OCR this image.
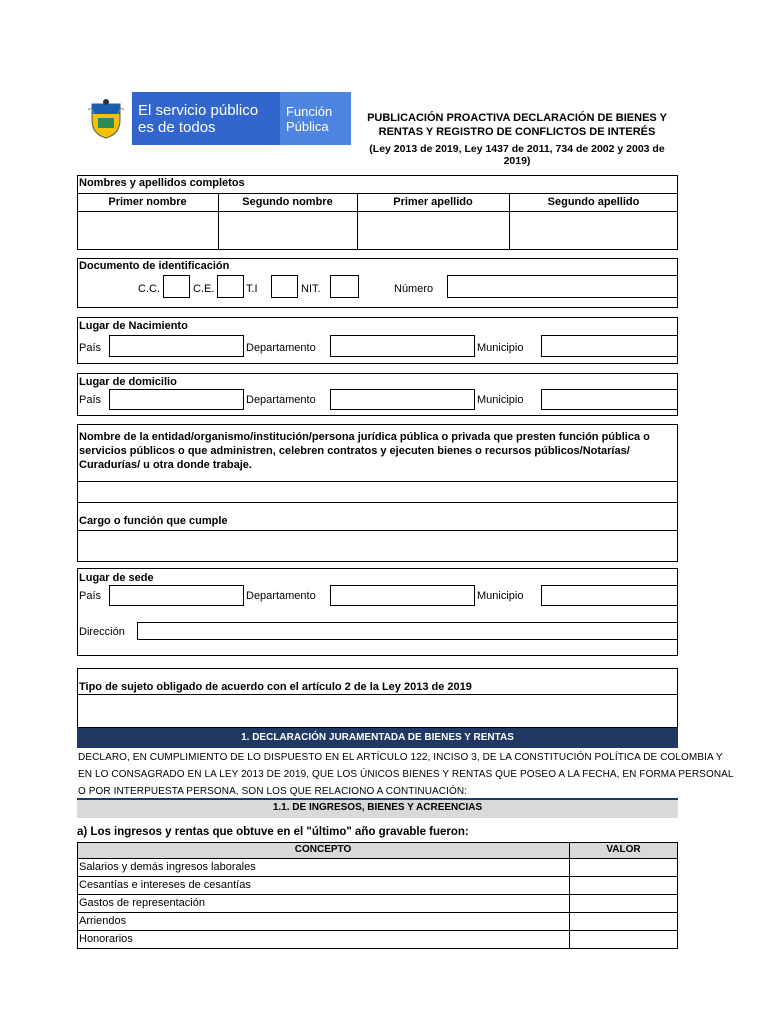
El servicio público
es de todos
Función
Pública
PUBLICACIÓN PROACTIVA DECLARACIÓN DE BIENES Y RENTAS Y REGISTRO DE CONFLICTOS DE INTERÉS
(Ley 2013 de 2019, Ley 1437 de 2011, 734 de 2002 y 2003 de 2019)
Nombres y apellidos completos
Primer nombre	Segundo nombre	Primer apellido	Segundo apellido
Documento de identificación
C.C.	C.E.	T.I	NIT.	Número
Lugar de Nacimiento
País	Departamento	Municipio
Lugar de domicilio
País	Departamento	Municipio
Nombre de la entidad/organismo/institución/persona jurídica pública o privada que presten función pública o
servicios públicos o que administren, celebren contratos y ejecuten bienes o recursos públicos/Notarías/
Curadurías/ u otra donde trabaje.
Cargo o función que cumple
Lugar de sede
País	Departamento	Municipio
Dirección
Tipo de sujeto obligado de acuerdo con el artículo 2 de la Ley 2013 de 2019
1. DECLARACIÓN JURAMENTADA DE BIENES Y RENTAS
DECLARO, EN CUMPLIMIENTO DE LO DISPUESTO EN EL ARTÍCULO 122, INCISO 3, DE LA CONSTITUCIÓN POLÍTICA DE COLOMBIA Y
EN LO CONSAGRADO EN LA LEY 2013 DE 2019, QUE LOS ÚNICOS BIENES Y RENTAS QUE POSEO A LA FECHA, EN FORMA PERSONAL
O POR INTERPUESTA PERSONA, SON LOS QUE RELACIONO A CONTINUACIÓN:
1.1. DE INGRESOS, BIENES Y ACREENCIAS
a) Los ingresos y rentas que obtuve en el "último" año gravable fueron:
CONCEPTO	VALOR
Salarios y demás ingresos laborales
Cesantías e intereses de cesantías
Gastos de representación
Arriendos
Honorarios
